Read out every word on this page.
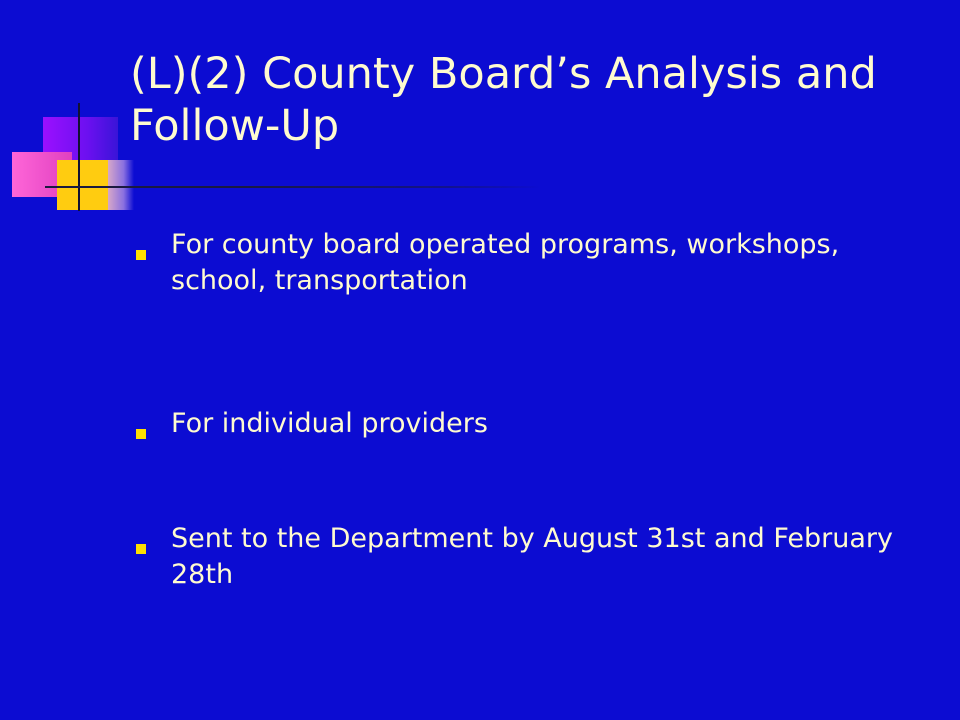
(L)(2) County Board’s Analysis and Follow-Up
For county board operated programs, workshops, school, transportation
For individual providers
Sent to the Department by August 31st and February 28th
